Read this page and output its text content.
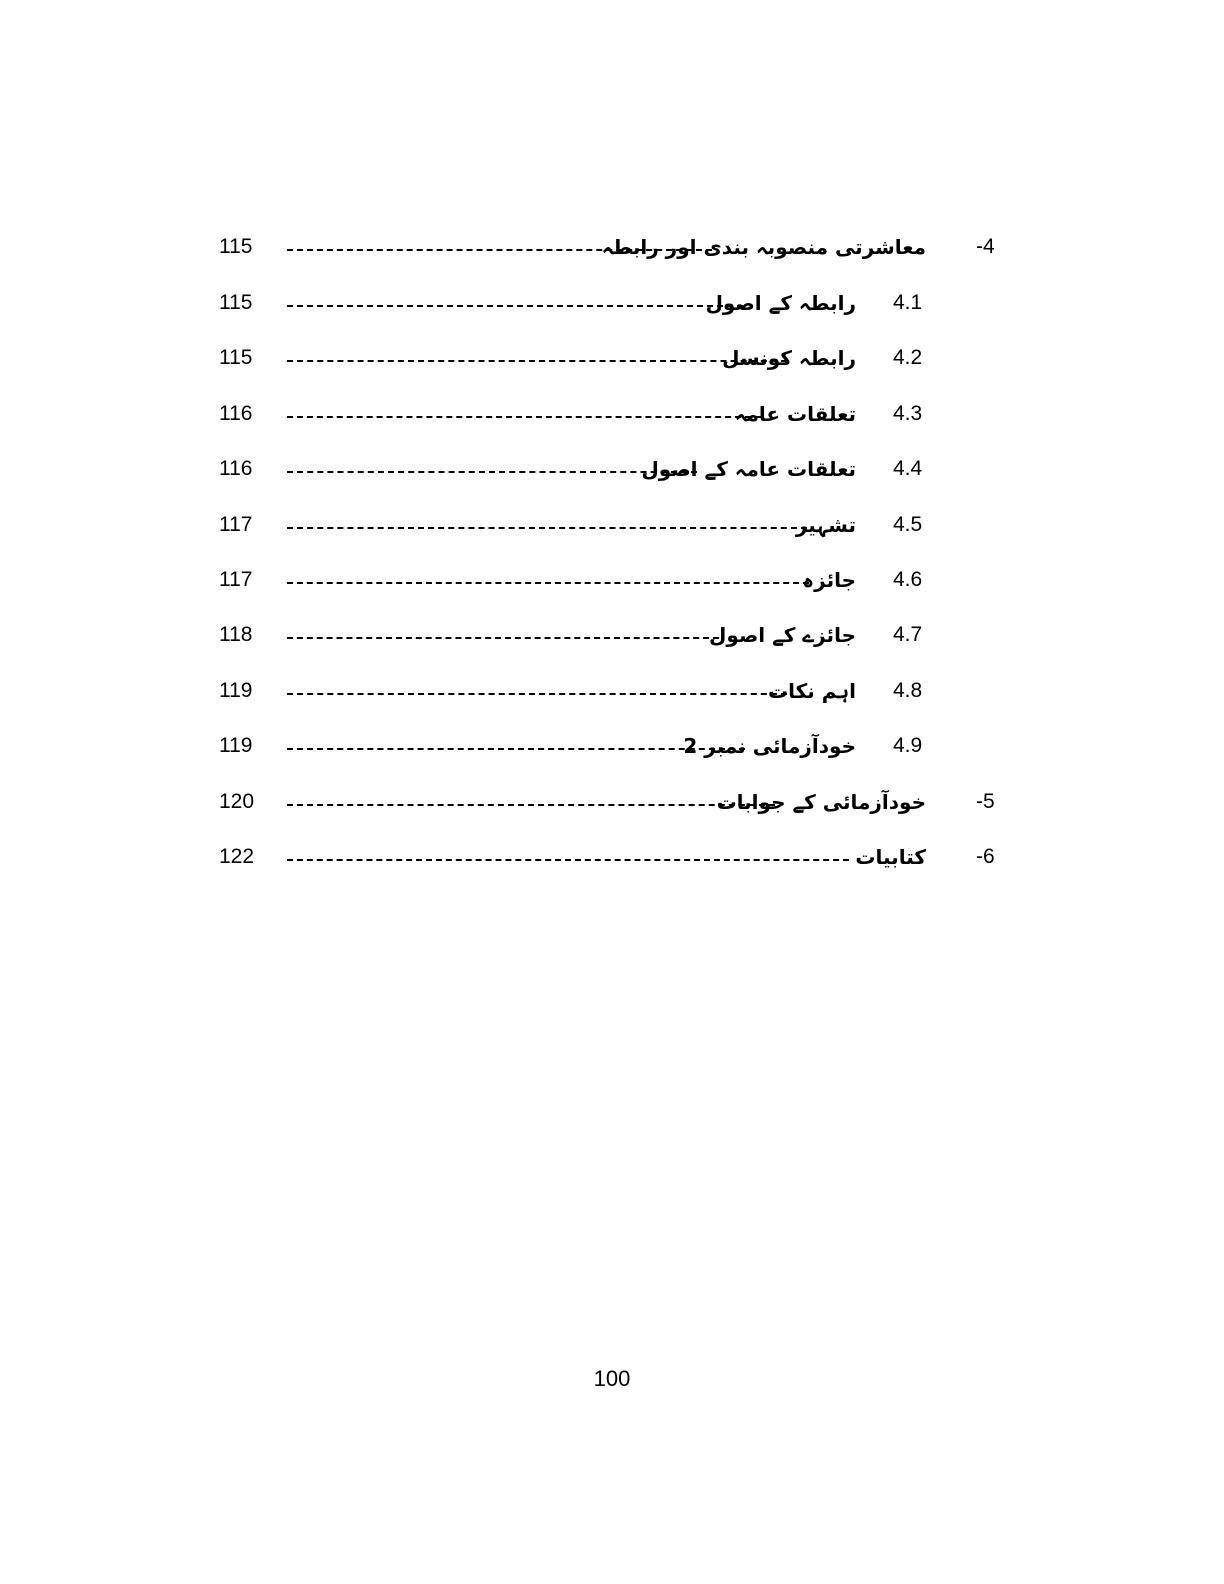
115	معاشرتی منصوبہ بندی اور رابطہ -4
115	رابطہ کے اصول 4.1
115	رابطہ کونسل 4.2
116	تعلقات عامہ 4.3
116	تعلقات عامہ کے اصول 4.4
117	تشہیر 4.5
117	جائزہ 4.6
118	جائزے کے اصول 4.7
119	اہم نکات 4.8
119	خودآزمائی نمبر 2 4.9
120	خودآزمائی کے جوابات -5
122	کتابیات -6
100
